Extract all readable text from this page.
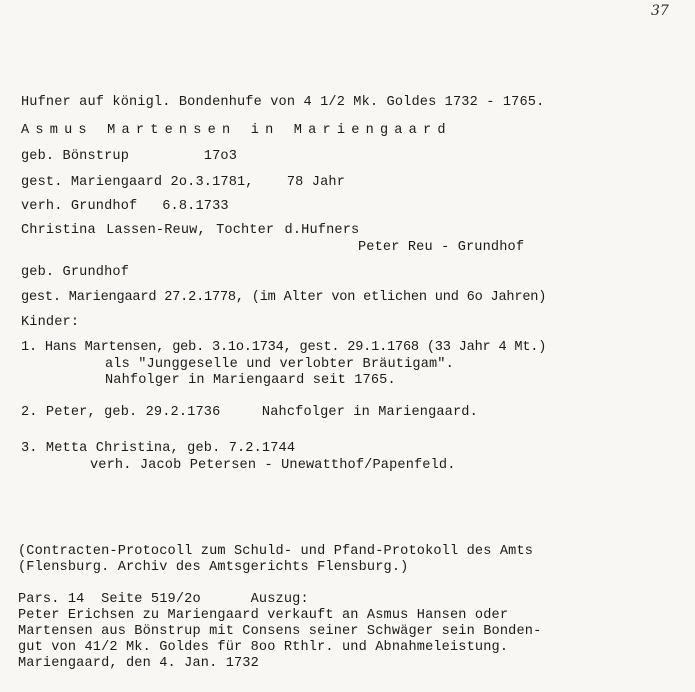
37
Hufner auf königl. Bondenhufe von 4 1/2 Mk. Goldes 1732 - 1765.
Asmus Martensen in Mariengaard
geb. Bönstrup         17o3
gest. Mariengaard 2o.3.1781,    78 Jahr
verh. Grundhof   6.8.1733
Christina Lassen-Reuw, Tochter d.Hufners
Peter Reu - Grundhof
geb. Grundhof
gest. Mariengaard 27.2.1778, (im Alter von etlichen und 6o Jahren)
Kinder:
1. Hans Martensen, geb. 3.1o.1734, gest. 29.1.1768 (33 Jahr 4 Mt.)
als "Junggeselle und verlobter Bräutigam".
Nahfolger in Mariengaard seit 1765.
2. Peter, geb. 29.2.1736     Nahcfolger in Mariengaard.
3. Metta Christina, geb. 7.2.1744
verh. Jacob Petersen - Unewatthof/Papenfeld.
(Contracten-Protocoll zum Schuld- und Pfand-Protokoll des Amts
(Flensburg. Archiv des Amtsgerichts Flensburg.)
Pars. 14  Seite 519/2o      Auszug:
Peter Erichsen zu Mariengaard verkauft an Asmus Hansen oder
Martensen aus Bönstrup mit Consens seiner Schwäger sein Bonden-
gut von 41/2 Mk. Goldes für 8oo Rthlr. und Abnahmeleistung.
Mariengaard, den 4. Jan. 1732
